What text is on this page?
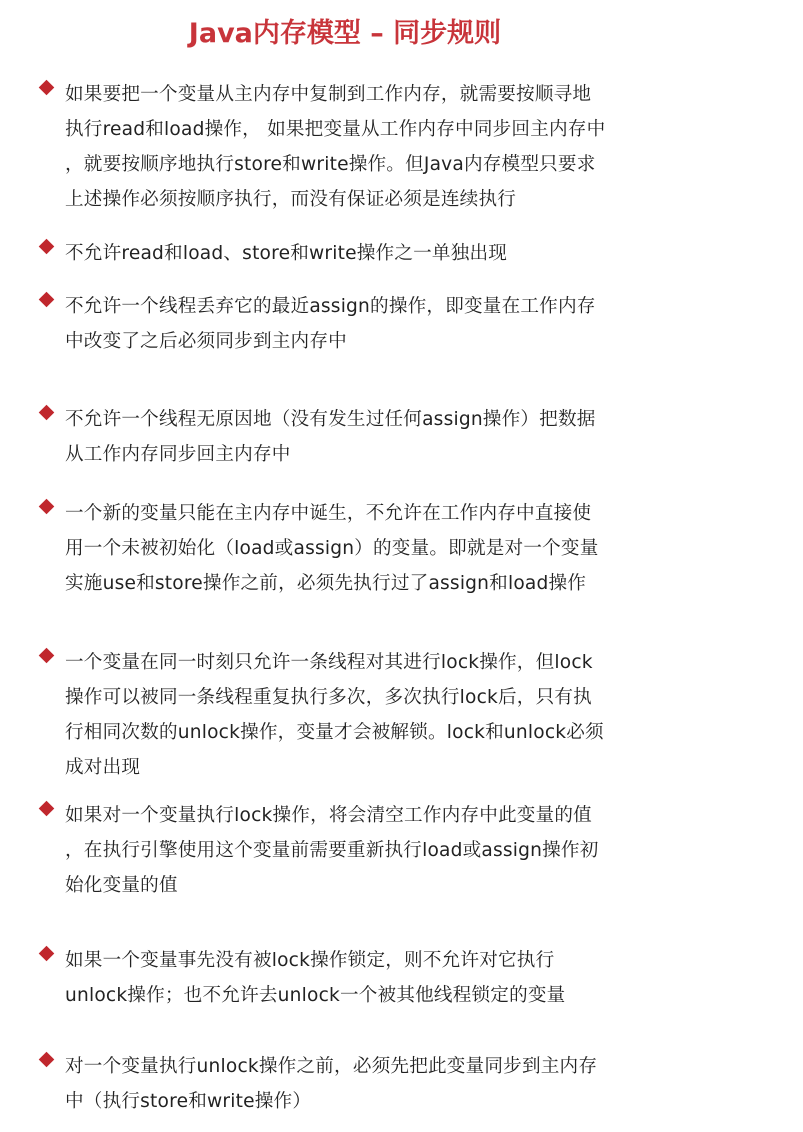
Java内存模型 – 同步规则
如果要把一个变量从主内存中复制到工作内存，就需要按顺寻地
执行read和load操作， 如果把变量从工作内存中同步回主内存中
，就要按顺序地执行store和write操作。但Java内存模型只要求
上述操作必须按顺序执行，而没有保证必须是连续执行
不允许read和load、store和write操作之一单独出现
不允许一个线程丢弃它的最近assign的操作，即变量在工作内存
中改变了之后必须同步到主内存中
不允许一个线程无原因地（没有发生过任何assign操作）把数据
从工作内存同步回主内存中
一个新的变量只能在主内存中诞生，不允许在工作内存中直接使
用一个未被初始化（load或assign）的变量。即就是对一个变量
实施use和store操作之前，必须先执行过了assign和load操作
一个变量在同一时刻只允许一条线程对其进行lock操作，但lock
操作可以被同一条线程重复执行多次，多次执行lock后，只有执
行相同次数的unlock操作，变量才会被解锁。lock和unlock必须
成对出现
如果对一个变量执行lock操作，将会清空工作内存中此变量的值
，在执行引擎使用这个变量前需要重新执行load或assign操作初
始化变量的值
如果一个变量事先没有被lock操作锁定，则不允许对它执行
unlock操作；也不允许去unlock一个被其他线程锁定的变量
对一个变量执行unlock操作之前，必须先把此变量同步到主内存
中（执行store和write操作）
